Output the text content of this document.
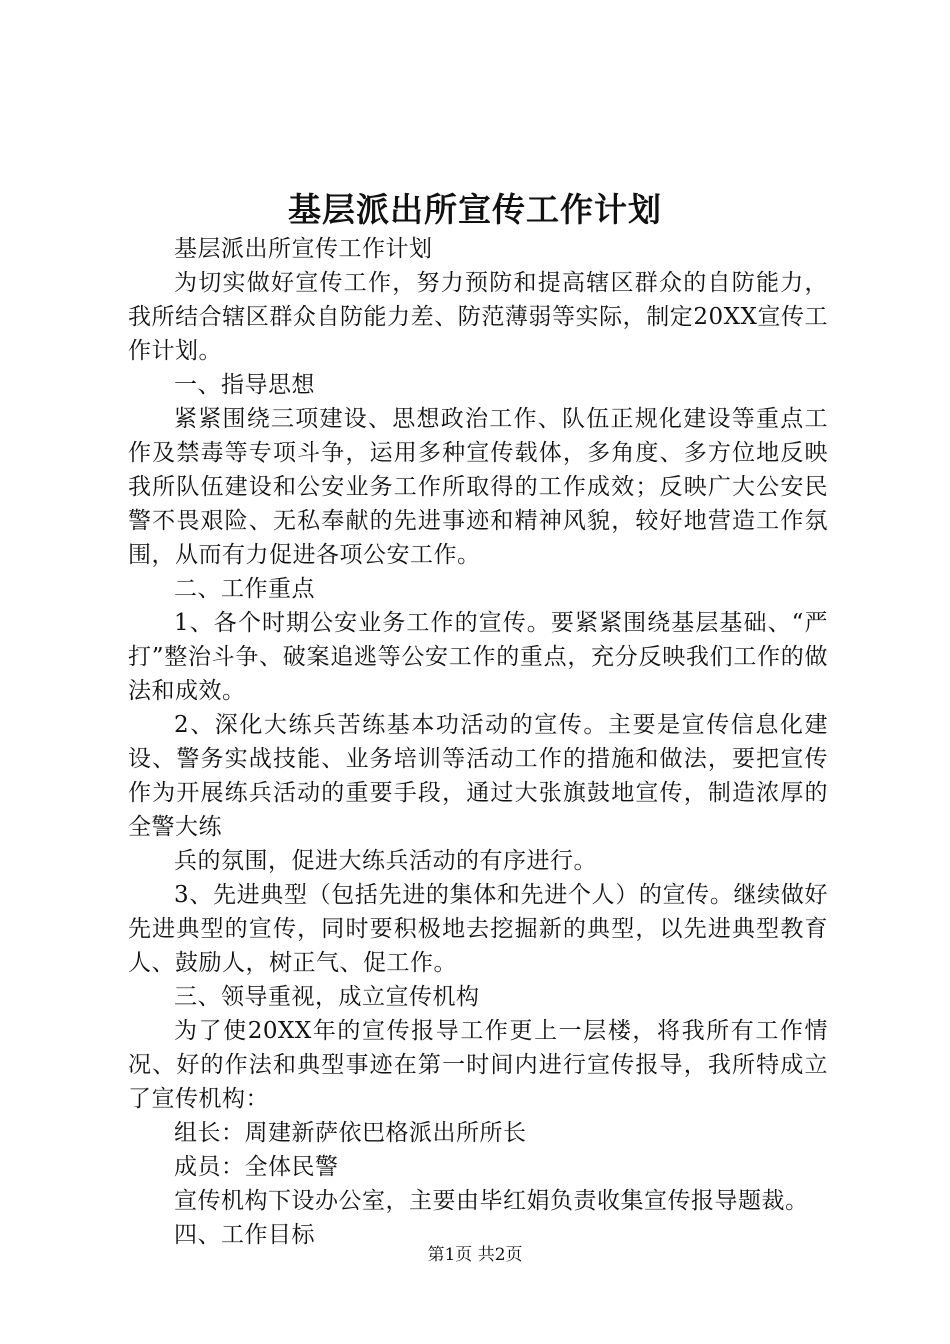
基层派出所宣传工作计划

基层派出所宣传工作计划

为切实做好宣传工作，努力预防和提高辖区群众的自防能力，我所结合辖区群众自防能力差、防范薄弱等实际，制定20XX宣传工作计划。

一、指导思想

紧紧围绕三项建设、思想政治工作、队伍正规化建设等重点工作及禁毒等专项斗争，运用多种宣传载体，多角度、多方位地反映我所队伍建设和公安业务工作所取得的工作成效；反映广大公安民警不畏艰险、无私奉献的先进事迹和精神风貌，较好地营造工作氛围，从而有力促进各项公安工作。

二、工作重点

1、各个时期公安业务工作的宣传。要紧紧围绕基层基础、“严打”整治斗争、破案追逃等公安工作的重点，充分反映我们工作的做法和成效。

2、深化大练兵苦练基本功活动的宣传。主要是宣传信息化建设、警务实战技能、业务培训等活动工作的措施和做法，要把宣传作为开展练兵活动的重要手段，通过大张旗鼓地宣传，制造浓厚的全警大练

兵的氛围，促进大练兵活动的有序进行。

3、先进典型（包括先进的集体和先进个人）的宣传。继续做好先进典型的宣传，同时要积极地去挖掘新的典型，以先进典型教育人、鼓励人，树正气、促工作。

三、领导重视，成立宣传机构

为了使20XX年的宣传报导工作更上一层楼，将我所有工作情况、好的作法和典型事迹在第一时间内进行宣传报导，我所特成立了宣传机构：

组长：周建新萨依巴格派出所所长

成员：全体民警

宣传机构下设办公室，主要由毕红娟负责收集宣传报导题裁。

四、工作目标

第1页 共2页
